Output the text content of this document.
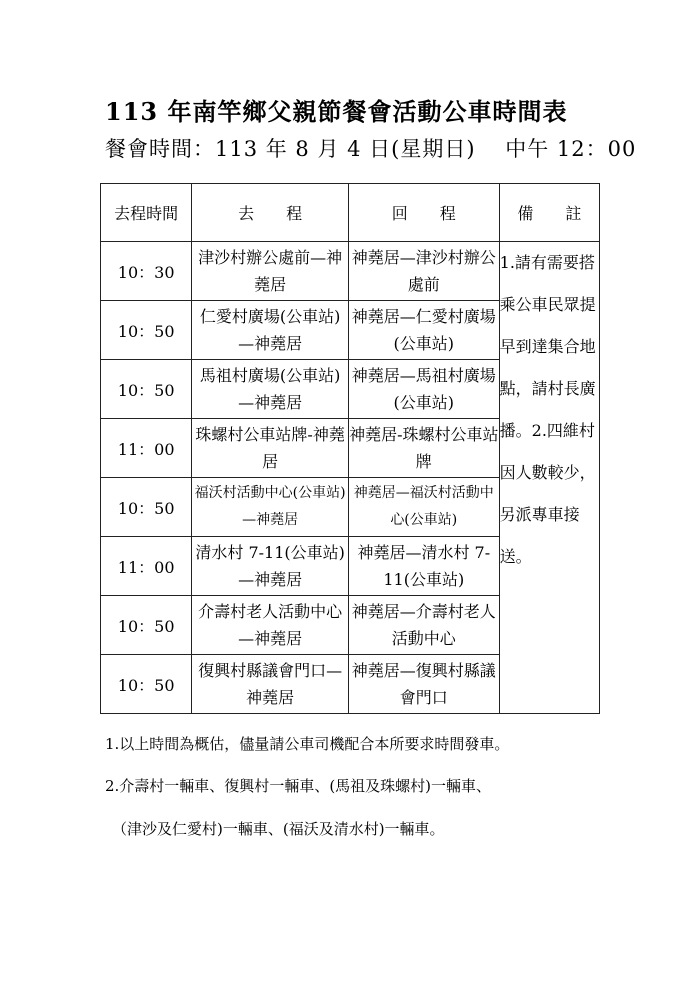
113 年南竿鄉父親節餐會活動公車時間表
餐會時間：113 年 8 月 4 日(星期日)　 中午 12：00
去程時間	去　　程	回　　程	備　　註
10：30	津沙村辦公處前—神蕘居	神蕘居—津沙村辦公處前	1.請有需要搭乘公車民眾提早到達集合地點，請村長廣播。2.四維村因人數較少，另派專車接送。
10：50	仁愛村廣場(公車站)—神蕘居	神蕘居—仁愛村廣場(公車站)	
10：50	馬祖村廣場(公車站)—神蕘居	神蕘居—馬祖村廣場(公車站)	
11：00	珠螺村公車站牌-神蕘居	神蕘居-珠螺村公車站牌	
10：50	福沃村活動中心(公車站)—神蕘居	神蕘居—福沃村活動中心(公車站)	
11：00	清水村 7-11(公車站)—神蕘居	神蕘居—清水村 7-11(公車站)	
10：50	介壽村老人活動中心—神蕘居	神蕘居—介壽村老人活動中心	
10：50	復興村縣議會門口—神蕘居	神蕘居—復興村縣議會門口	
1.以上時間為概估，儘量請公車司機配合本所要求時間發車。
2.介壽村一輛車、復興村一輛車、(馬祖及珠螺村)一輛車、
（津沙及仁愛村)一輛車、(福沃及清水村)一輛車。
